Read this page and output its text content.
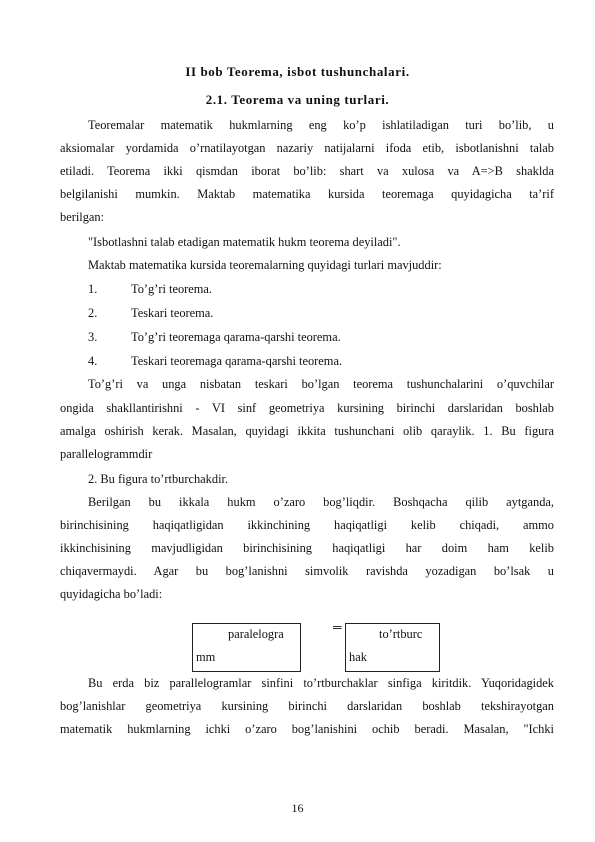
II bob Teorema, isbot tushunchalari.
2.1. Teorema va uning turlari.
Teoremalar matematik hukmlarning eng ko’p ishlatiladigan turi bo’lib, u
aksiomalar yordamida o’rnatilayotgan nazariy natijalarni ifoda etib, isbotlanishni talab
etiladi. Teorema ikki qismdan iborat bo’lib: shart va xulosa va A=>B shaklda
belgilanishi mumkin. Maktab matematika kursida teoremaga quyidagicha ta’rif
berilgan:
"Isbotlashni talab etadigan matematik hukm teorema deyiladi".
Maktab matematika kursida teoremalarning quyidagi turlari mavjuddir:
1.	To’g’ri teorema.
2.	Teskari teorema.
3.	To’g’ri teoremaga qarama-qarshi teorema.
4.	Teskari teoremaga qarama-qarshi teorema.
To’g’ri va unga nisbatan teskari bo’lgan teorema tushunchalarini o’quvchilar
ongida shakllantirishni - VI sinf geometriya kursining birinchi darslaridan boshlab
amalga oshirish kerak. Masalan, quyidagi ikkita tushunchani olib qaraylik. 1. Bu figura
parallelogrammdir
2. Bu figura to’rtburchakdir.
Berilgan bu ikkala hukm o’zaro bog’liqdir. Boshqacha qilib aytganda,
birinchisining haqiqatligidan ikkinchining haqiqatligi kelib chiqadi, ammo
ikkinchisining mavjudligidan birinchisining haqiqatligi har doim ham kelib
chiqavermaydi. Agar bu bog’lanishni simvolik ravishda yozadigan bo’lsak u
quyidagicha bo’ladi:
paralelogra
mm
═	to’rtburc
hak
Bu erda biz parallelogramlar sinfini to’rtburchaklar sinfiga kiritdik. Yuqoridagidek
bog’lanishlar geometriya kursining birinchi darslaridan boshlab tekshirayotgan
matematik hukmlarning ichki o’zaro bog’lanishini ochib beradi. Masalan, "Ichki
16
